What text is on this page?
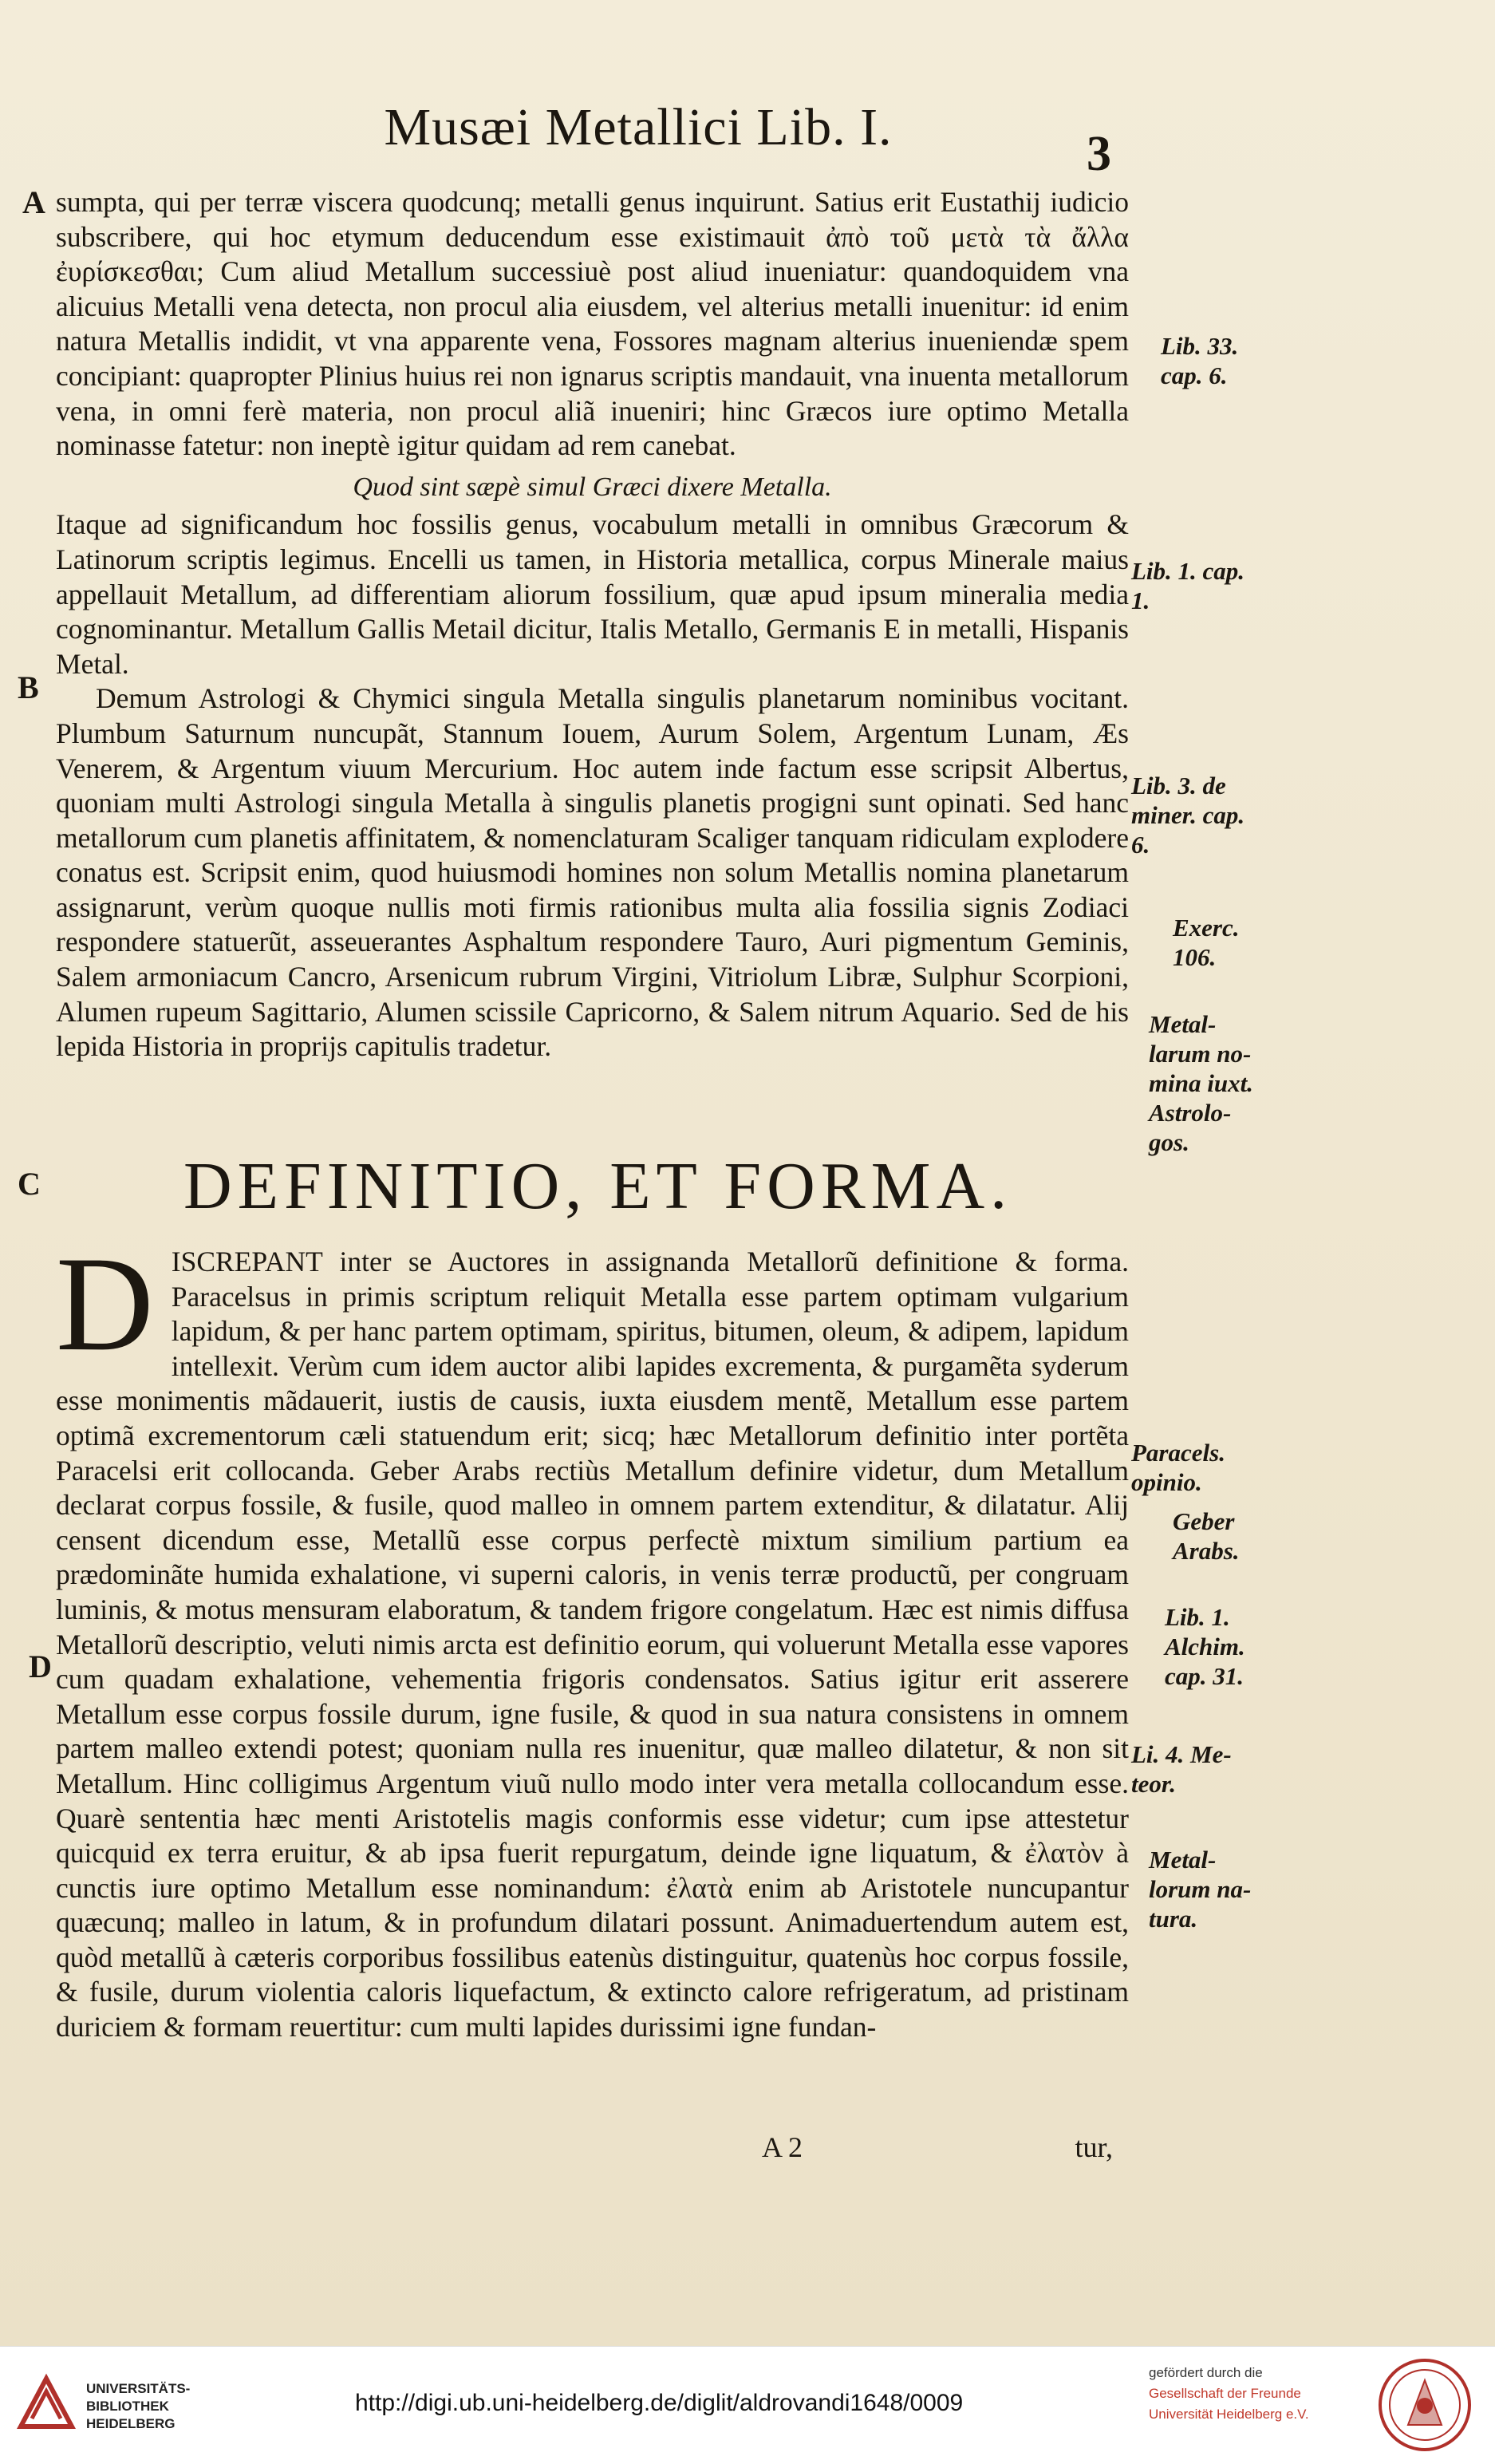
Musæi Metallici Lib. I.	3
A
B
C
D

sumpta, qui per terræ viscera quodcunq; metalli genus inquirunt. Satius erit Eustathij iudicio subscribere, qui hoc etymum deducendum esse existimauit ἀπὸ τοῦ μετὰ τὰ ἄλλα ἐυρίσκεσθαι; Cum aliud Metallum successiuè post aliud inueniatur: quandoquidem vna alicuius Metalli vena detecta, non procul alia eiusdem, vel alterius metalli inuenitur: id enim natura Metallis indidit, vt vna apparente vena, Fossores magnam alterius inueniendæ spem concipiant: quapropter Plinius huius rei non ignarus scriptis mandauit, vna inuenta metallorum vena, in omni ferè materia, non procul aliã inueniri; hinc Græcos iure optimo Metalla nominasse fatetur: non ineptè igitur quidam ad rem canebat.

Quod sint sæpè simul Græci dixere Metalla.

Itaque ad significandum hoc fossilis genus, vocabulum metalli in omnibus Græcorum & Latinorum scriptis legimus. Encelli us tamen, in Historia metallica, corpus Minerale maius appellauit Metallum, ad differentiam aliorum fossilium, quæ apud ipsum mineralia media cognominantur. Metallum Gallis Metail dicitur, Italis Metallo, Germanis E in metalli, Hispanis Metal.

Demum Astrologi & Chymici singula Metalla singulis planetarum nominibus vocitant. Plumbum Saturnum nuncupãt, Stannum Iouem, Aurum Solem, Argentum Lunam, Æs Venerem, & Argentum viuum Mercurium. Hoc autem inde factum esse scripsit Albertus, quoniam multi Astrologi singula Metalla à singulis planetis progigni sunt opinati. Sed hanc metallorum cum planetis affinitatem, & nomenclaturam Scaliger tanquam ridiculam explodere conatus est. Scripsit enim, quod huiusmodi homines non solum Metallis nomina planetarum assignarunt, verùm quoque nullis moti firmis rationibus multa alia fossilia signis Zodiaci respondere statuerũt, asseuerantes Asphaltum respondere Tauro, Auri pigmentum Geminis, Salem armoniacum Cancro, Arsenicum rubrum Virgini, Vitriolum Libræ, Sulphur Scorpioni, Alumen rupeum Sagittario, Alumen scissile Capricorno, & Salem nitrum Aquario. Sed de his lepida Historia in proprijs capitulis tradetur.

DEFINITIO, ET FORMA.

DISCREPANT inter se Auctores in assignanda Metallorũ definitione & forma. Paracelsus in primis scriptum reliquit Metalla esse partem optimam vulgarium lapidum, & per hanc partem optimam, spiritus, bitumen, oleum, & adipem, lapidum intellexit. Verùm cum idem auctor alibi lapides excrementa, & purgamẽta syderum esse monimentis mãdauerit, iustis de causis, iuxta eiusdem mentẽ, Metallum esse partem optimã excrementorum cæli statuendum erit; sicq; hæc Metallorum definitio inter portẽta Paracelsi erit collocanda. Geber Arabs rectiùs Metallum definire videtur, dum Metallum declarat corpus fossile, & fusile, quod malleo in omnem partem extenditur, & dilatatur. Alij censent dicendum esse, Metallũ esse corpus perfectè mixtum similium partium ea prædominãte humida exhalatione, vi superni caloris, in venis terræ productũ, per congruam luminis, & motus mensuram elaboratum, & tandem frigore congelatum. Hæc est nimis diffusa Metallorũ descriptio, veluti nimis arcta est definitio eorum, qui voluerunt Metalla esse vapores cum quadam exhalatione, vehementia frigoris condensatos. Satius igitur erit asserere Metallum esse corpus fossile durum, igne fusile, & quod in sua natura consistens in omnem partem malleo extendi potest; quoniam nulla res inuenitur, quæ malleo dilatetur, & non sit Metallum. Hinc colligimus Argentum viuũ nullo modo inter vera metalla collocandum esse. Quarè sententia hæc menti Aristotelis magis conformis esse videtur; cum ipse attestetur quicquid ex terra eruitur, & ab ipsa fuerit repurgatum, deinde igne liquatum, & ἐλατὸν à cunctis iure optimo Metallum esse nominandum: ἐλατὰ enim ab Aristotele nuncupantur quæcunq; malleo in latum, & in profundum dilatari possunt. Animaduertendum autem est, quòd metallũ à cæteris corporibus fossilibus eatenùs distinguitur, quatenùs hoc corpus fossile, & fusile, durum violentia caloris liquefactum, & extincto calore refrigeratum, ad pristinam duriciem & formam reuertitur: cum multi lapides durissimi igne fundan-

Lib. 33.
cap. 6.
Lib. 1. cap.
1.
Lib. 3. de
miner. cap.
6.
Exerc.
106.
Metal-
larum no-
mina iuxt.
Astrolo-
gos.
Paracels.
opinio.
Geber
Arabs.
Lib. 1.
Alchim.
cap. 31.
Li. 4. Me-
teor.
Metal-
lorum na-
tura.
A 2	tur,
UNIVERSITÄTS-
BIBLIOTHEK
HEIDELBERG
http://digi.ub.uni-heidelberg.de/diglit/aldrovandi1648/0009
gefördert durch die
Gesellschaft der Freunde
Universität Heidelberg e.V.
